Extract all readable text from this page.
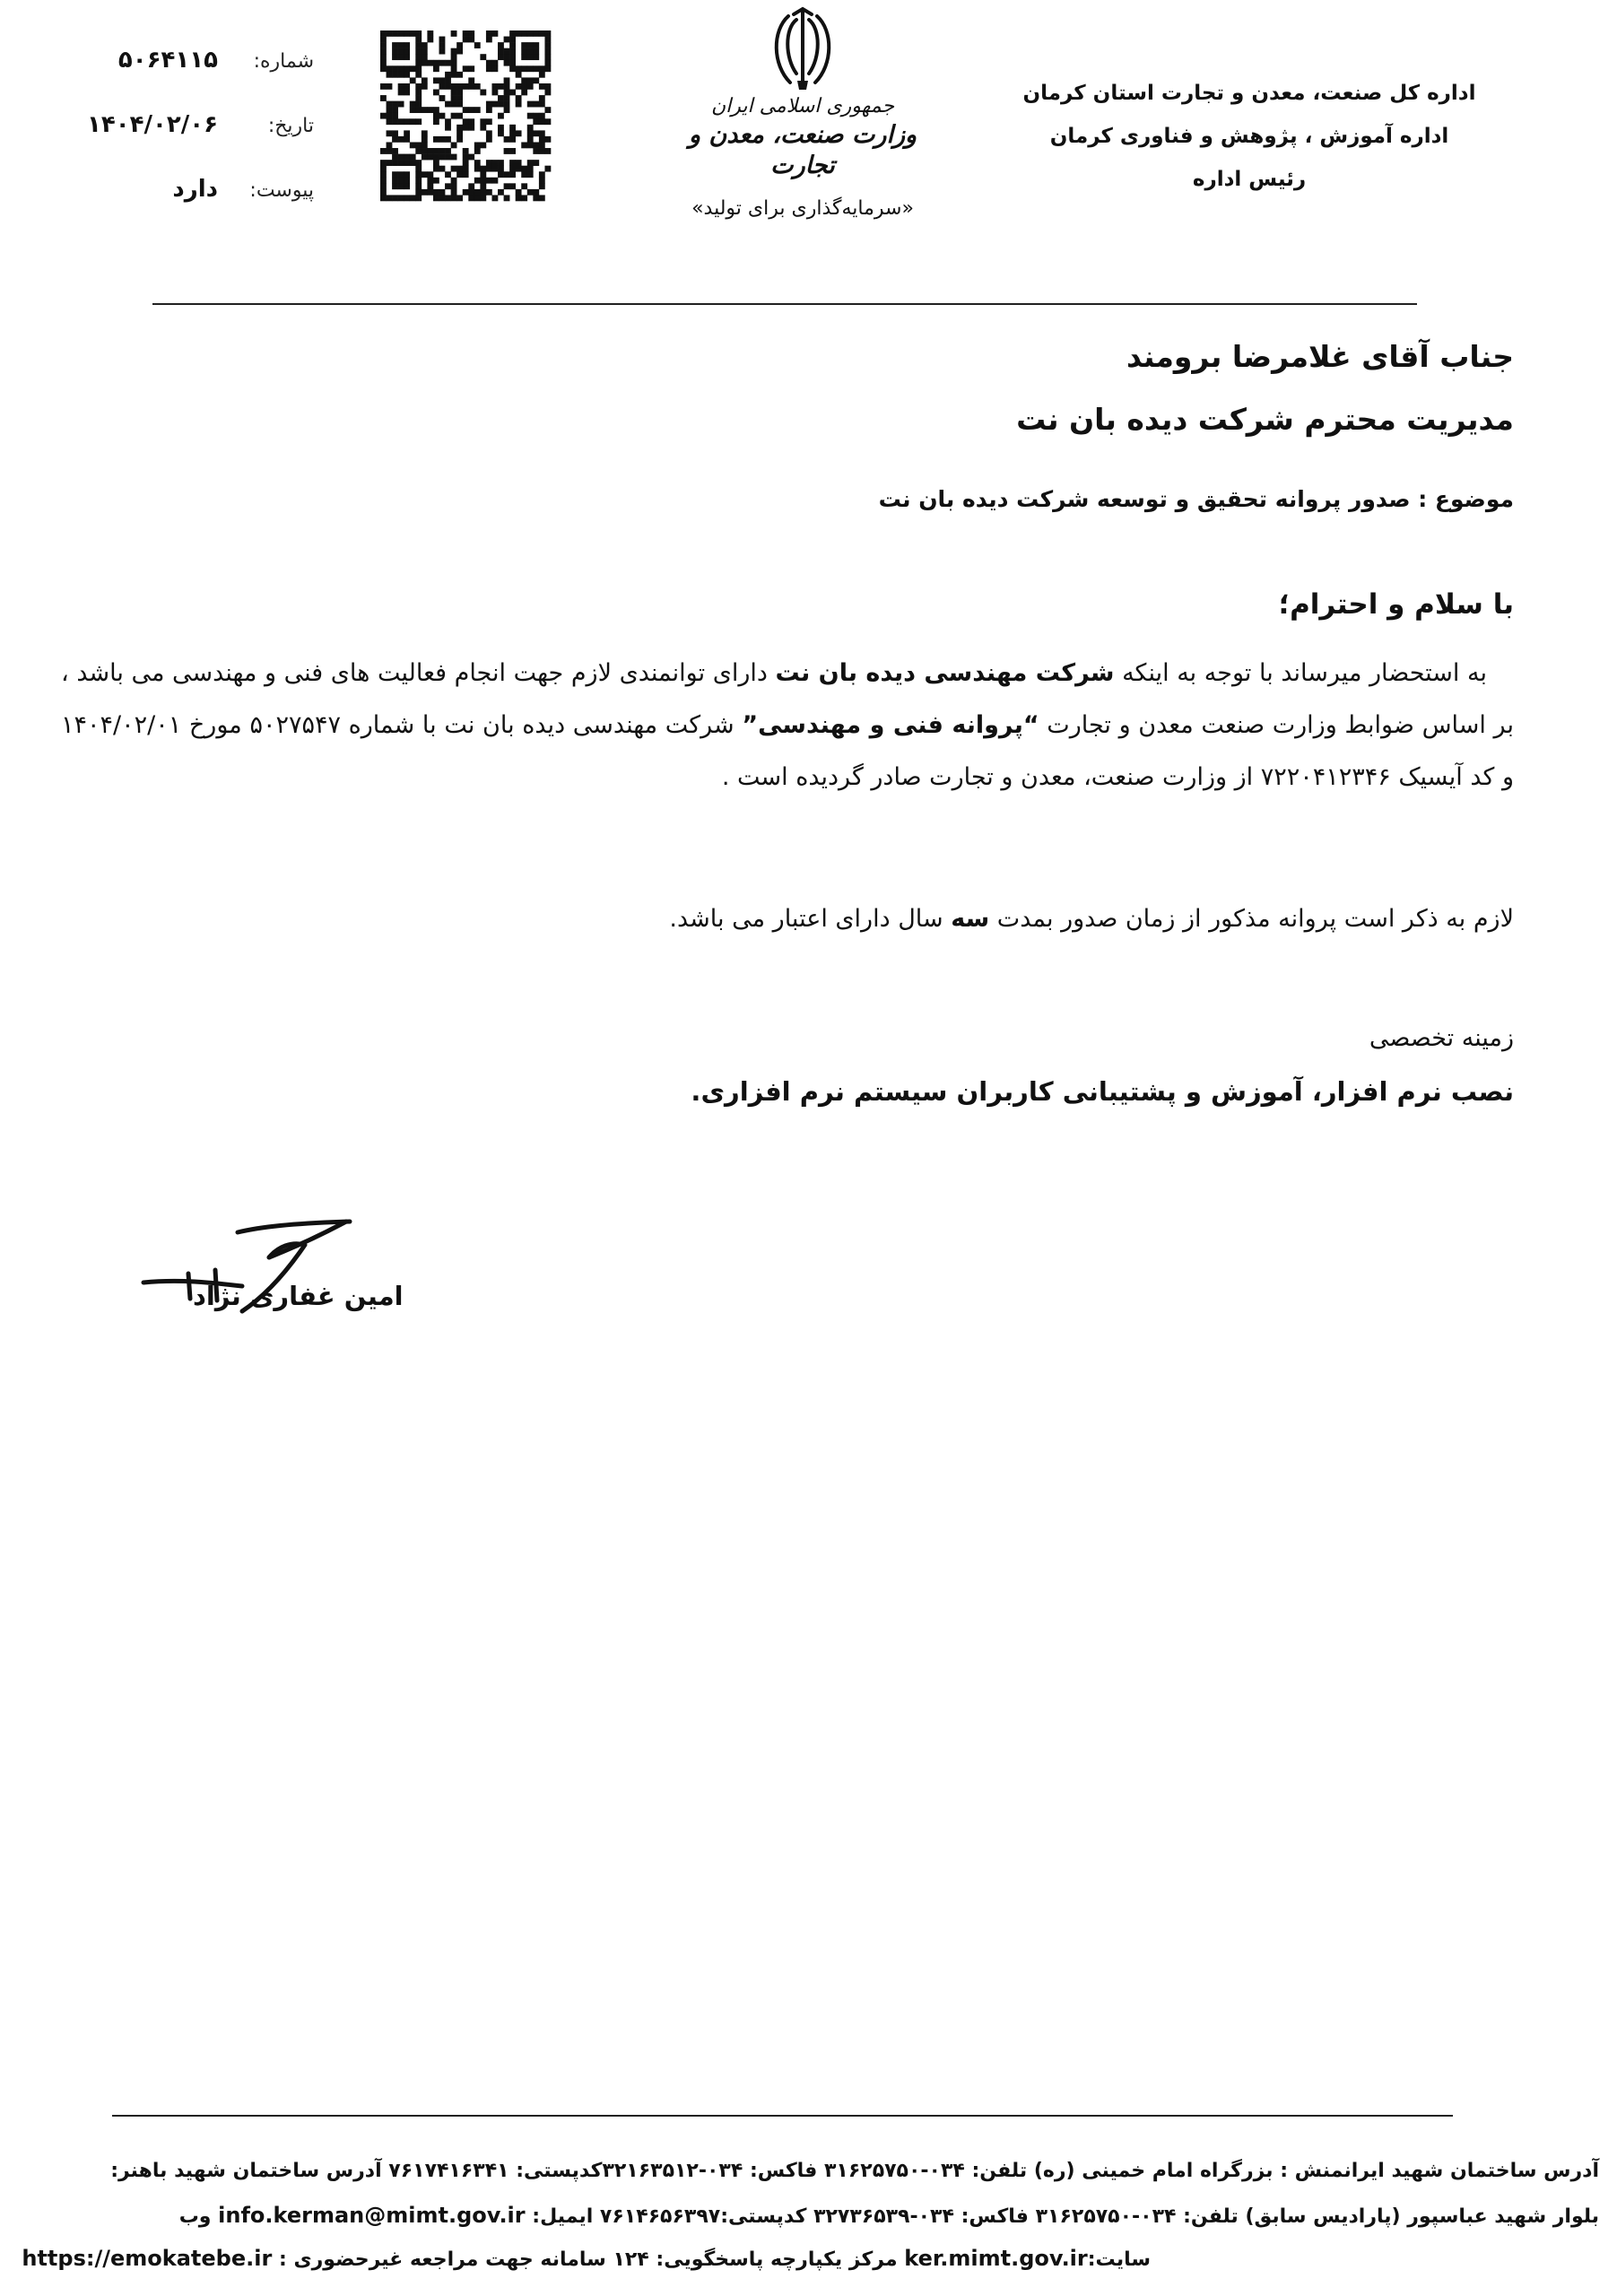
اداره کل صنعت، معدن و تجارت استان کرمان
اداره آموزش ، پژوهش و فناوری کرمان
رئیس اداره
جمهوری اسلامی ایران
وزارت صنعت، معدن و تجارت
«سرمایه‌گذاری برای تولید»
شماره:
۵۰۶۴۱۱۵
تاریخ:
۱۴۰۴/۰۲/۰۶
پیوست:
دارد
جناب آقای غلامرضا برومند
مدیریت محترم شرکت دیده بان نت
موضوع : صدور پروانه تحقیق و توسعه شرکت دیده بان نت
با سلام و احترام؛
به استحضار میرساند با توجه به اینکه شرکت مهندسی دیده بان نت دارای توانمندی لازم جهت انجام فعالیت های فنی و مهندسی می باشد ، بر اساس ضوابط وزارت صنعت معدن و تجارت “پروانه فنی و مهندسی” شرکت مهندسی دیده بان نت با شماره ۵۰۲۷۵۴۷ مورخ ۱۴۰۴/۰۲/۰۱ و کد آیسیک ۷۲۲۰۴۱۲۳۴۶ از وزارت صنعت، معدن و تجارت صادر گردیده است .
لازم به ذکر است پروانه مذکور از زمان صدور بمدت سه سال دارای اعتبار می باشد.
زمینه تخصصی
نصب نرم افزار، آموزش و پشتیبانی کاربران سیستم نرم افزاری.
امین غفاری نژاد
آدرس ساختمان شهید ایرانمنش : بزرگراه امام خمینی (ره) تلفن: ۰۳۴-۳۱۶۲۵۷۵۰ فاکس: ۰۳۴-۳۲۱۶۳۵۱۲کدپستی: ۷۶۱۷۴۱۶۳۴۱ آدرس ساختمان شهید باهنر:
بلوار شهید عباسپور (پارادیس سابق) تلفن: ۰۳۴-۳۱۶۲۵۷۵۰ فاکس: ۰۳۴-۳۲۷۳۶۵۳۹ کدپستی:۷۶۱۴۶۵۶۳۹۷ ایمیل: info.kerman@mimt.gov.ir وب
سایت:ker.mimt.gov.ir مرکز یکپارچه پاسخگویی: ۱۲۴ سامانه جهت مراجعه غیرحضوری : https://emokatebe.ir
